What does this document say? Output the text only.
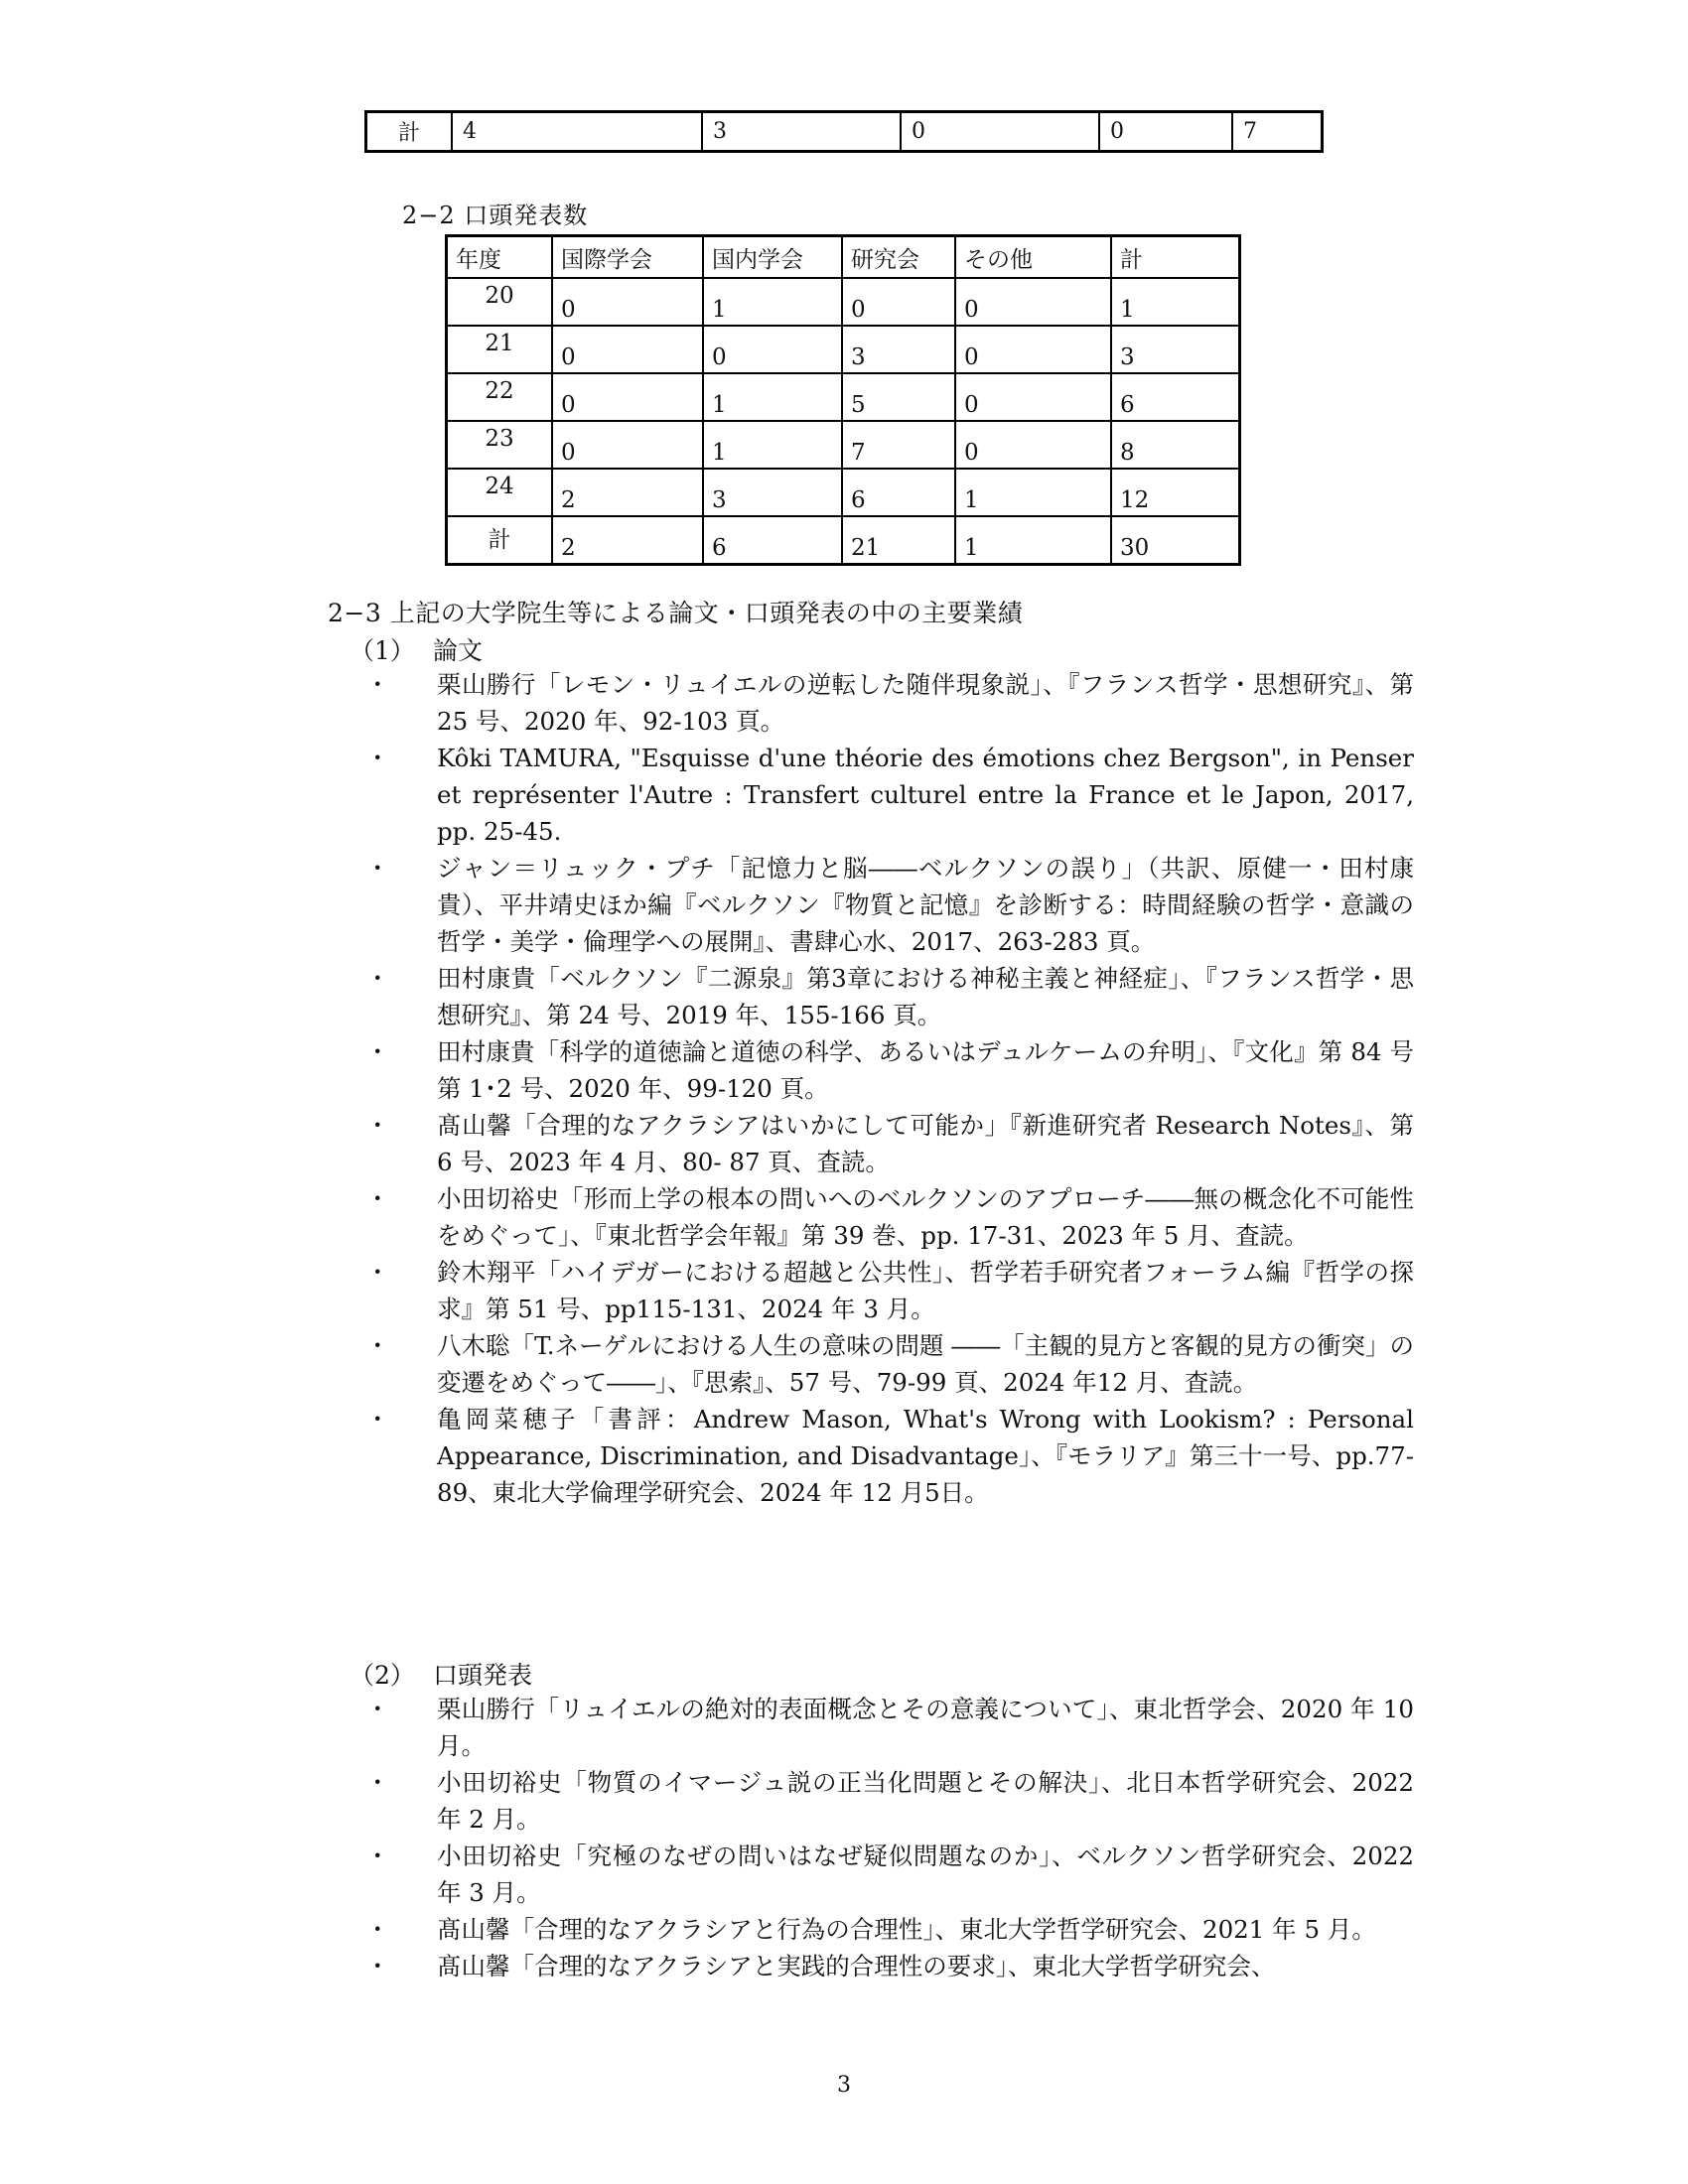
計	4	3	0	0	7
2−2 口頭発表数
年度	国際学会	国内学会	研究会	その他	計
20	0	1	0	0	1
21	0	0	3	0	3
22	0	1	5	0	6
23	0	1	7	0	8
24	2	3	6	1	12
計	2	6	21	1	30
2−3 上記の大学院生等による論文・口頭発表の中の主要業績
（1） 論文
・ 栗山勝行「レモン・リュイエルの逆転した随伴現象説」、『フランス哲学・思想研究』、第 25 号、2020 年、92-103 頁。
・ Kôki TAMURA, "Esquisse d'une théorie des émotions chez Bergson", in Penser et représenter l'Autre : Transfert culturel entre la France et le Japon, 2017, pp. 25-45.
・ ジャン＝リュック・プチ「記憶力と脳――ベルクソンの誤り」（共訳、原健一・田村康貴）、平井靖史ほか編『ベルクソン『物質と記憶』を診断する：時間経験の哲学・意識の哲学・美学・倫理学への展開』、書肆心水、2017、263-283 頁。
・ 田村康貴「ベルクソン『二源泉』第3章における神秘主義と神経症」、『フランス哲学・思想研究』、第 24 号、2019 年、155-166 頁。
・ 田村康貴「科学的道徳論と道徳の科学、あるいはデュルケームの弁明」、『文化』第 84 号第 1･2 号、2020 年、99-120 頁。
・ 髙山馨「合理的なアクラシアはいかにして可能か」『新進研究者 Research Notes』、第 6 号、2023 年 4 月、80- 87 頁、査読。
・ 小田切裕史「形而上学の根本の問いへのベルクソンのアプローチ――無の概念化不可能性をめぐって」、『東北哲学会年報』第 39 巻、pp. 17-31、2023 年 5 月、査読。
・ 鈴木翔平「ハイデガーにおける超越と公共性」、哲学若手研究者フォーラム編『哲学の探求』第 51 号、pp115-131、2024 年 3 月。
・ 八木聡「T.ネーゲルにおける人生の意味の問題 ――「主観的見方と客観的見方の衝突」の変遷をめぐって――」、『思索』、57 号、79-99 頁、2024 年12 月、査読。
・ 亀岡菜穂子「書評：Andrew Mason, What's Wrong with Lookism? : Personal Appearance, Discrimination, and Disadvantage」、『モラリア』第三十一号、pp.77-89、東北大学倫理学研究会、2024 年 12 月5日。
（2） 口頭発表
・ 栗山勝行「リュイエルの絶対的表面概念とその意義について」、東北哲学会、2020 年 10 月。
・ 小田切裕史「物質のイマージュ説の正当化問題とその解決」、北日本哲学研究会、2022 年 2 月。
・ 小田切裕史「究極のなぜの問いはなぜ疑似問題なのか」、ベルクソン哲学研究会、2022 年 3 月。
・ 髙山馨「合理的なアクラシアと行為の合理性」、東北大学哲学研究会、2021 年 5 月。
・ 髙山馨「合理的なアクラシアと実践的合理性の要求」、東北大学哲学研究会、
3
